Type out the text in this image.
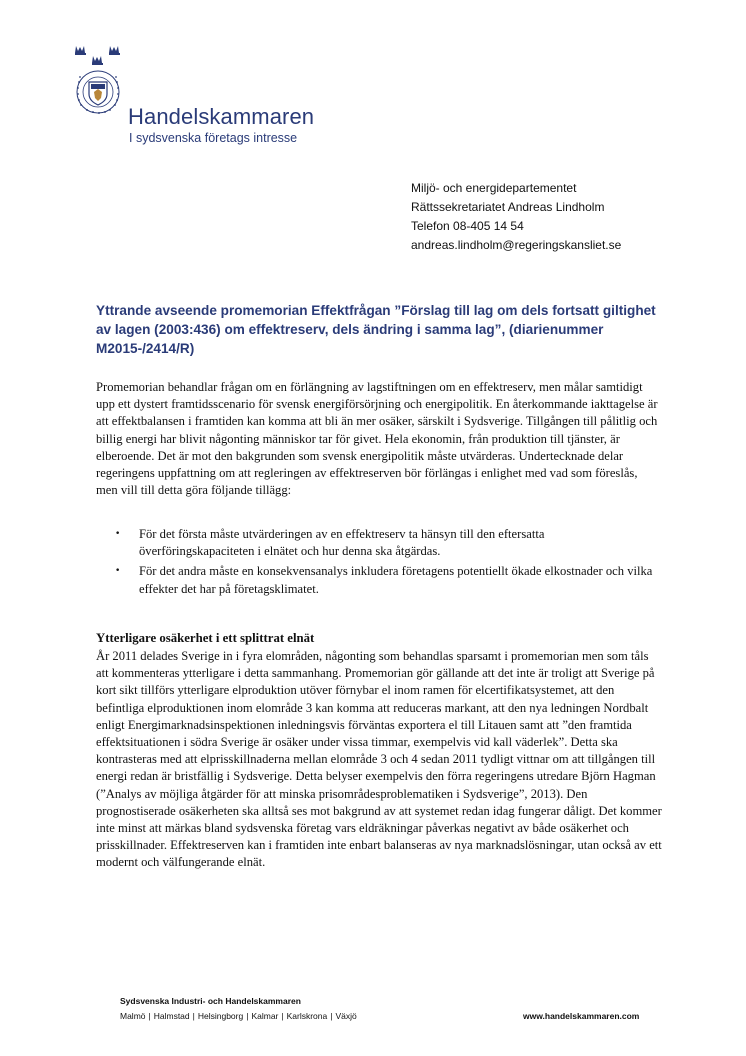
Handelskammaren
I sydsvenska företags intresse
Miljö- och energidepartementet
Rättssekretariatet Andreas Lindholm
Telefon 08-405 14 54
andreas.lindholm@regeringskansliet.se
Yttrande avseende promemorian Effektfrågan ”Förslag till lag om dels fortsatt giltighet av lagen (2003:436) om effektreserv, dels ändring i samma lag”, (diarienummer M2015-/2414/R)

Promemorian behandlar frågan om en förlängning av lagstiftningen om en effektreserv, men målar samtidigt upp ett dystert framtidsscenario för svensk energiförsörjning och energipolitik. En återkommande iakttagelse är att effektbalansen i framtiden kan komma att bli än mer osäker, särskilt i Sydsverige. Tillgången till pålitlig och billig energi har blivit någonting människor tar för givet. Hela ekonomin, från produktion till tjänster, är elberoende. Det är mot den bakgrunden som svensk energipolitik måste utvärderas. Undertecknade delar regeringens uppfattning om att regleringen av effektreserven bör förlängas i enlighet med vad som föreslås, men vill till detta göra följande tillägg:

• För det första måste utvärderingen av en effektreserv ta hänsyn till den eftersatta överföringskapaciteten i elnätet och hur denna ska åtgärdas.
• För det andra måste en konsekvensanalys inkludera företagens potentiellt ökade elkostnader och vilka effekter det har på företagsklimatet.
Ytterligare osäkerhet i ett splittrat elnät

År 2011 delades Sverige in i fyra elområden, någonting som behandlas sparsamt i promemorian men som tåls att kommenteras ytterligare i detta sammanhang. Promemorian gör gällande att det inte är troligt att Sverige på kort sikt tillförs ytterligare elproduktion utöver förnybar el inom ramen för elcertifikatsystemet, att den befintliga elproduktionen inom elområde 3 kan komma att reduceras markant, att den nya ledningen Nordbalt enligt Energimarknadsinspektionen inledningsvis förväntas exportera el till Litauen samt att ”den framtida effektsituationen i södra Sverige är osäker under vissa timmar, exempelvis vid kall väderlek”. Detta ska kontrasteras med att elprisskillnaderna mellan elområde 3 och 4 sedan 2011 tydligt vittnar om att tillgången till energi redan är bristfällig i Sydsverige. Detta belyser exempelvis den förra regeringens utredare Björn Hagman (”Analys av möjliga åtgärder för att minska prisområdesproblematiken i Sydsverige”, 2013). Den prognostiserade osäkerheten ska alltså ses mot bakgrund av att systemet redan idag fungerar dåligt. Det kommer inte minst att märkas bland sydsvenska företag vars eldräkningar påverkas negativt av både osäkerhet och prisskillnader. Effektreserven kan i framtiden inte enbart balanseras av nya marknadslösningar, utan också av ett modernt och välfungerande elnät.

Sydsvenska Industri- och Handelskammaren
Malmö | Halmstad | Helsingborg | Kalmar | Karlskrona | Växjö	www.handelskammaren.com
